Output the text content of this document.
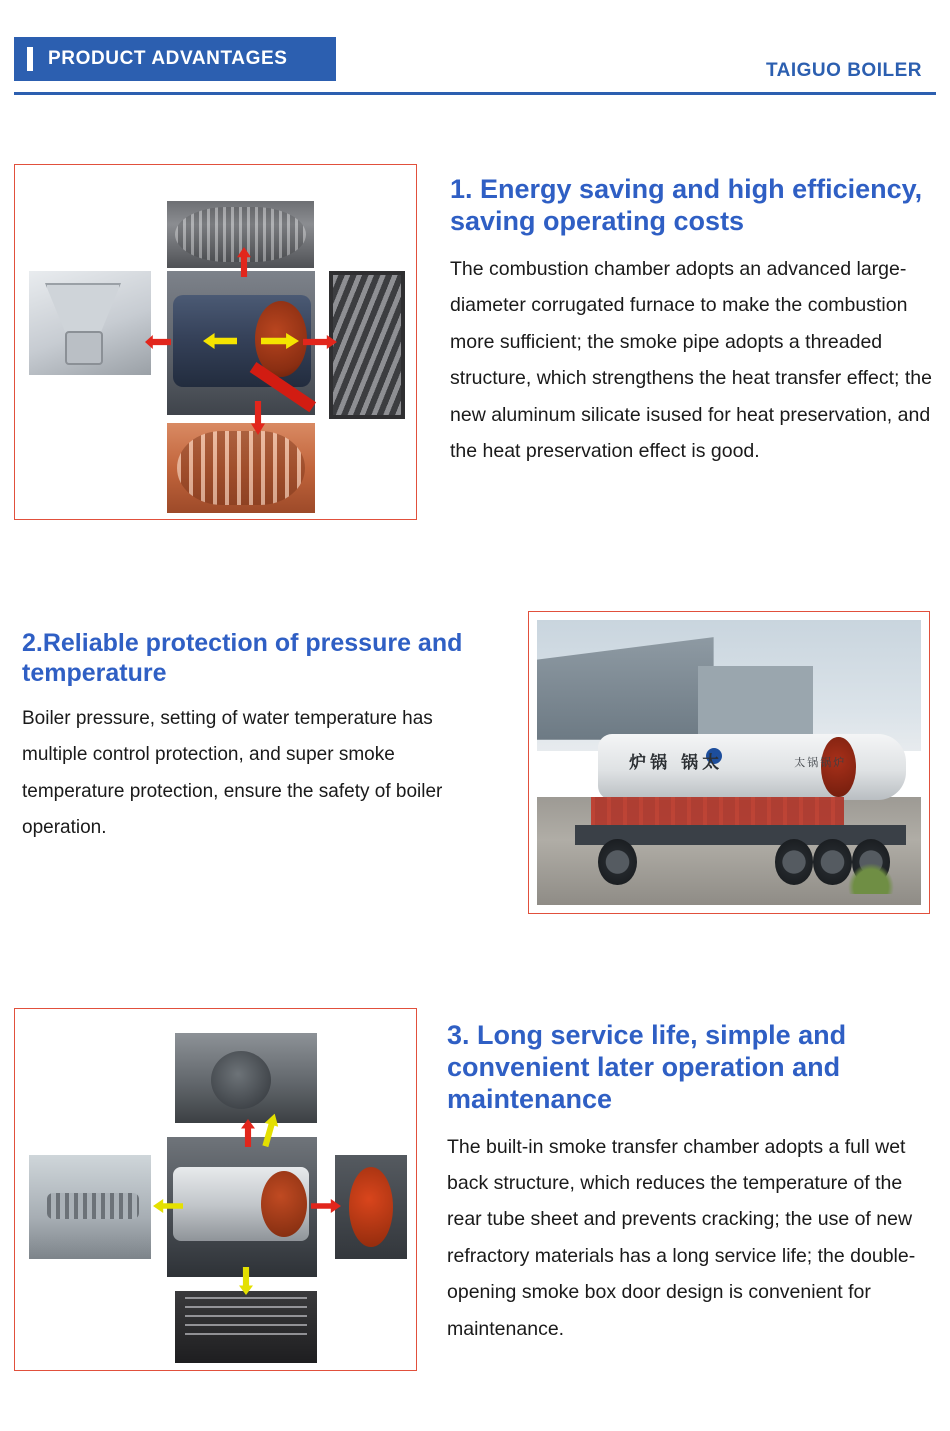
PRODUCT ADVANTAGES
TAIGUO BOILER
1. Energy saving and high efficiency, saving operating costs

The combustion chamber adopts an advanced large-diameter corrugated furnace to make the combustion more sufficient; the smoke pipe adopts a threaded structure, which strengthens the heat transfer effect; the new aluminum silicate isused for heat preservation, and the heat preservation effect is good.

2.Reliable protection of pressure and temperature

Boiler pressure, setting of water temperature has multiple control protection, and super smoke temperature protection, ensure the safety of boiler operation.

炉锅 锅太	太锅锅炉
3. Long service life, simple and convenient later operation and maintenance

The built-in smoke transfer chamber adopts a full wet back structure, which reduces the temperature of the rear tube sheet and prevents cracking; the use of new refractory materials has a long service life; the double-opening smoke box door design is convenient for maintenance.
